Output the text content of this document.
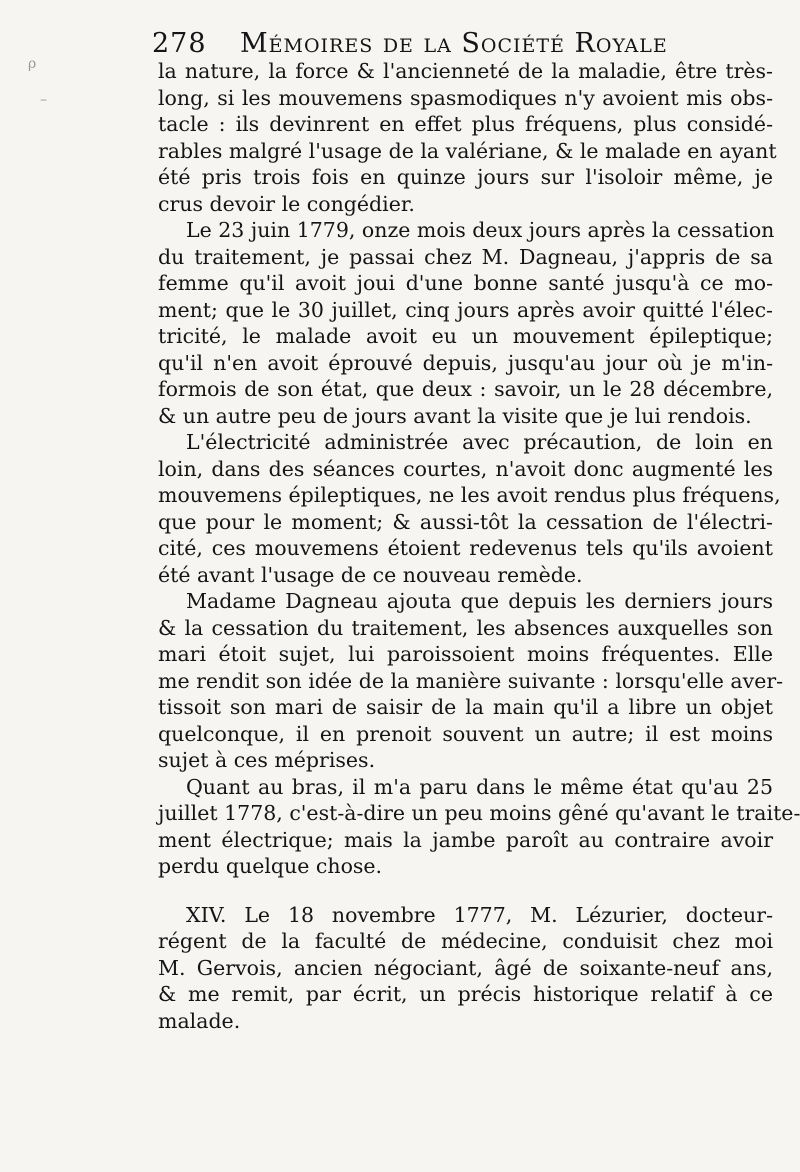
278 Mémoires de la Société Royale
ρ
–
la nature, la force & l'ancienneté de la maladie, être très-
long, si les mouvemens spasmodiques n'y avoient mis obs-
tacle : ils devinrent en effet plus fréquens, plus considé-
rables malgré l'usage de la valériane, & le malade en ayant
été pris trois fois en quinze jours sur l'isoloir même, je
crus devoir le congédier.
Le 23 juin 1779, onze mois deux jours après la cessation
du traitement, je passai chez M. Dagneau, j'appris de sa
femme qu'il avoit joui d'une bonne santé jusqu'à ce mo-
ment; que le 30 juillet, cinq jours après avoir quitté l'élec-
tricité, le malade avoit eu un mouvement épileptique;
qu'il n'en avoit éprouvé depuis, jusqu'au jour où je m'in-
formois de son état, que deux : savoir, un le 28 décembre,
& un autre peu de jours avant la visite que je lui rendois.
L'électricité administrée avec précaution, de loin en
loin, dans des séances courtes, n'avoit donc augmenté les
mouvemens épileptiques, ne les avoit rendus plus fréquens,
que pour le moment; & aussi-tôt la cessation de l'électri-
cité, ces mouvemens étoient redevenus tels qu'ils avoient
été avant l'usage de ce nouveau remède.
Madame Dagneau ajouta que depuis les derniers jours
& la cessation du traitement, les absences auxquelles son
mari étoit sujet, lui paroissoient moins fréquentes. Elle
me rendit son idée de la manière suivante : lorsqu'elle aver-
tissoit son mari de saisir de la main qu'il a libre un objet
quelconque, il en prenoit souvent un autre; il est moins
sujet à ces méprises.
Quant au bras, il m'a paru dans le même état qu'au 25
juillet 1778, c'est-à-dire un peu moins gêné qu'avant le traite-
ment électrique; mais la jambe paroît au contraire avoir
perdu quelque chose.
XIV. Le 18 novembre 1777, M. Lézurier, docteur-
régent de la faculté de médecine, conduisit chez moi
M. Gervois, ancien négociant, âgé de soixante-neuf ans,
& me remit, par écrit, un précis historique relatif à ce
malade.
